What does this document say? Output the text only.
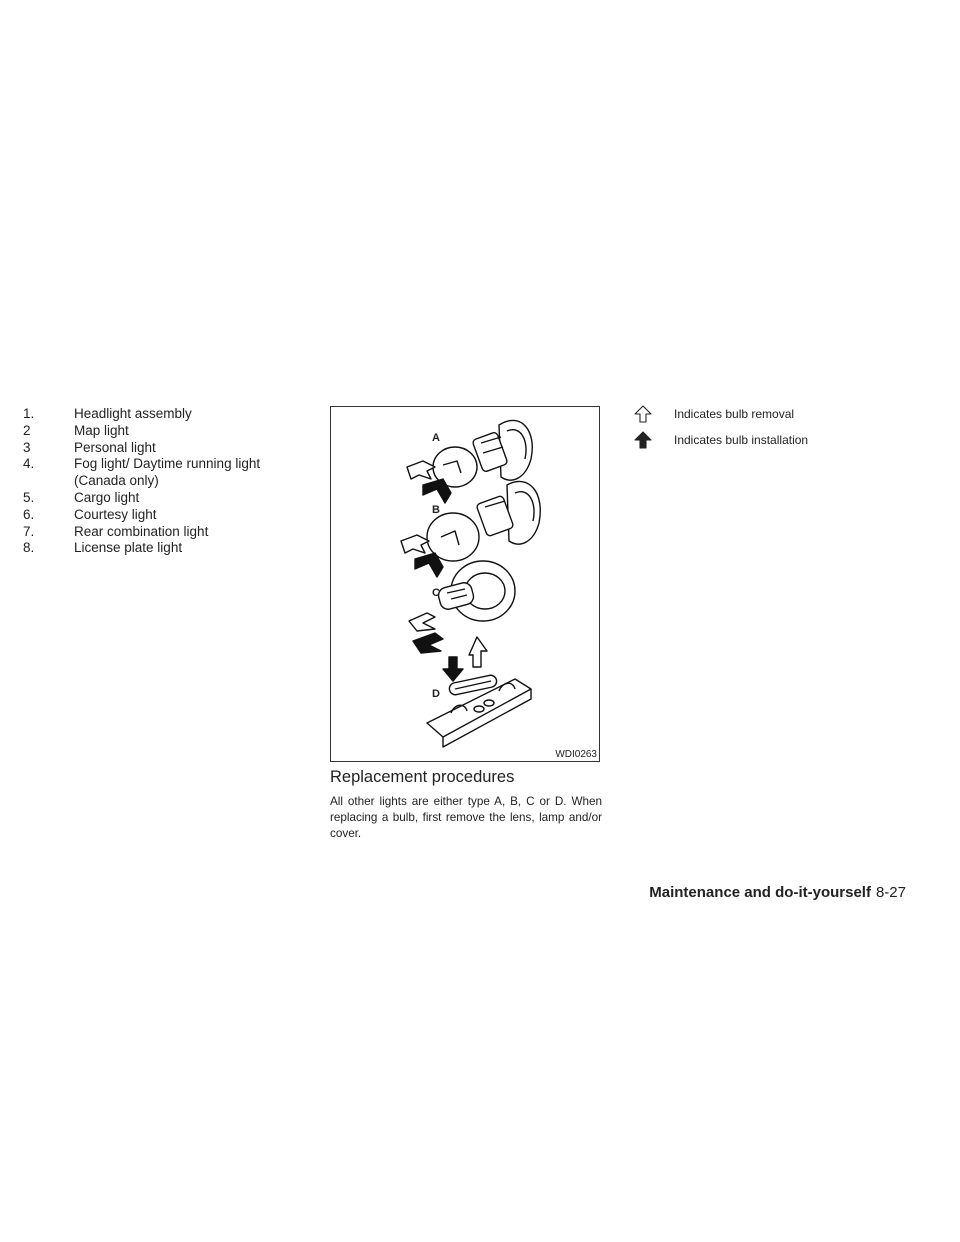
1.	Headlight assembly
2	Map light
3	Personal light
4.	Fog light/ Daytime running light
(Canada only)
5.	Cargo light
6.	Courtesy light
7.	Rear combination light
8.	License plate light
A
B
C
D
WDI0263
Replacement procedures

All other lights are either type A, B, C or D. When replacing a bulb, first remove the lens, lamp and/or cover.

Indicates bulb removal
Indicates bulb installation
Maintenance and do-it-yourself 8-27
